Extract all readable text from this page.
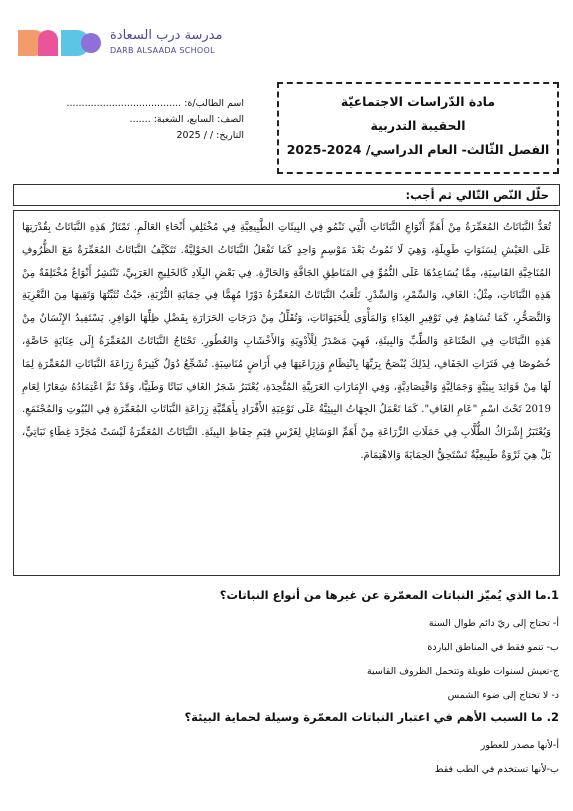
مدرسة درب السعادة
DARB ALSAADA SCHOOL
اسم الطالب/ة: ......................................
الصف: السابع، الشعبة: .......
التاريخ: / / 2025
مادة الدّراسات الاجتماعيّة
الحقيبة التدربية
الفصل الثّالث- العام الدراسي/ 2024-2025
حلّل النّص التّالي ثم أجب:
تُعَدُّ النَّبَاتَاتُ المُعَمِّرَةُ مِنْ أَهَمِّ أَنْوَاعِ النَّبَاتَاتِ الَّتِي تَنْمُو فِي البِيئَاتِ الطَّبِيعِيَّةِ فِي مُخْتَلِفِ أَنْحَاءِ العَالَمِ. تَمْتَازُ هَذِهِ النَّبَاتَاتُ بِقُدْرَتِهَا عَلَى العَيْشِ لِسَنَوَاتٍ طَوِيلَةٍ، وَهِيَ لَا تَمُوتُ بَعْدَ مَوْسِمٍ وَاحِدٍ كَمَا تَفْعَلُ النَّبَاتَاتُ الحَوْلِيَّةُ. تَتَكَيَّفُ النَّبَاتَاتُ المُعَمِّرَةُ مَعَ الظُّرُوفِ المُنَاخِيَّةِ القَاسِيَةِ، مِمَّا يُسَاعِدُهَا عَلَى النُّمُوِّ فِي المَنَاطِقِ الجَافَّةِ وَالحَارَّةِ. فِي بَعْضِ البِلَادِ كَالخَلِيجِ العَرَبِيِّ، تَنْتَشِرُ أَنْوَاعٌ مُخْتَلِفَةٌ مِنْ هَذِهِ النَّبَاتَاتِ، مِثْلُ: الغَافِ، وَالسِّمْرِ، وَالسِّدْرِ. تَلْعَبُ النَّبَاتَاتُ المُعَمِّرَةُ دَوْرًا مُهِمًّا فِي حِمَايَةِ التُّرْبَةِ، حَيْثُ تُثَبِّتُهَا وَتَقِيهَا مِنَ التَّعْرِيَةِ وَالتَّصَحُّرِ، كَمَا تُسَاهِمُ فِي تَوْفِيرِ الغِذَاءِ وَالمَأْوَى لِلْحَيَوَانَاتِ، وَتُقَلِّلُ مِنْ دَرَجَاتِ الحَرَارَةِ بِفَضْلِ ظِلِّهَا الوَافِرِ. يَسْتَفِيدُ الإِنْسَانُ مِنْ هَذِهِ النَّبَاتَاتِ فِي الصِّنَاعَةِ وَالطِّبِّ وَالبِيئَةِ، فَهِيَ مَصْدَرٌ لِلْأَدْوِيَةِ وَالأَخْشَابِ وَالعُطُورِ. تَحْتَاجُ النَّبَاتَاتُ المُعَمِّرَةُ إِلَى عِنَايَةٍ خَاصَّةٍ، خُصُوصًا فِي فَتَرَاتِ الجَفَافِ، لِذَلِكَ يُنْصَحُ بِرَيِّهَا بِانْتِظَامٍ وَزِرَاعَتِهَا فِي أَرَاضٍ مُنَاسِبَةٍ. تُشَجِّعُ دُوَلٌ كَثِيرَةٌ زِرَاعَةَ النَّبَاتَاتِ المُعَمِّرَةِ لِمَا لَهَا مِنْ فَوَائِدَ بِيئِيَّةٍ وَجَمَالِيَّةٍ وَاقْتِصَادِيَّةٍ، وَفِي الإِمَارَاتِ العَرَبِيَّةِ المُتَّحِدَةِ، يُعْتَبَرُ شَجَرُ الغَافِ نَبَاتًا وَطَنِيًّا، وَقَدْ تَمَّ اعْتِمَادُهُ شِعَارًا لِعَامِ 2019 تَحْتَ اسْمِ "عَامِ الغَافِ". كَمَا تَعْمَلُ الجِهَاتُ البِيئِيَّةُ عَلَى تَوْعِيَةِ الأَفْرَادِ بِأَهَمِّيَّةِ زِرَاعَةِ النَّبَاتَاتِ المُعَمِّرَةِ فِي البُيُوتِ وَالمُجْتَمَعِ. وَيُعْتَبَرُ إِشْرَاكُ الطُّلَّابِ فِي حَمَلَاتِ الزِّرَاعَةِ مِنْ أَهَمِّ الوَسَائِلِ لِغَرْسِ قِيَمِ حِفَاظِ البِيئَةِ. النَّبَاتَاتُ المُعَمِّرَةُ لَيْسَتْ مُجَرَّدَ غِطَاءٍ نَبَاتِيٍّ، بَلْ هِيَ ثَرْوَةٌ طَبِيعِيَّةٌ تَسْتَحِقُّ الحِمَايَةَ وَالاهْتِمَامَ.
1.ما الذي يُميّز النباتات المعمّرة عن غيرها من أنواع النباتات؟
أ- تحتاج إلى ريّ دائم طوال السنة
ب- تنمو فقط في المناطق الباردة
ج-تعيش لسنوات طويلة وتتحمل الظروف القاسية
د- لا تحتاج إلى ضوء الشمس
2. ما السبب الأهم في اعتبار النباتات المعمّرة وسيلة لحماية البيئة؟
أ-لأنها مصدر للعطور
ب-لأنها تستخدم في الطب فقط
